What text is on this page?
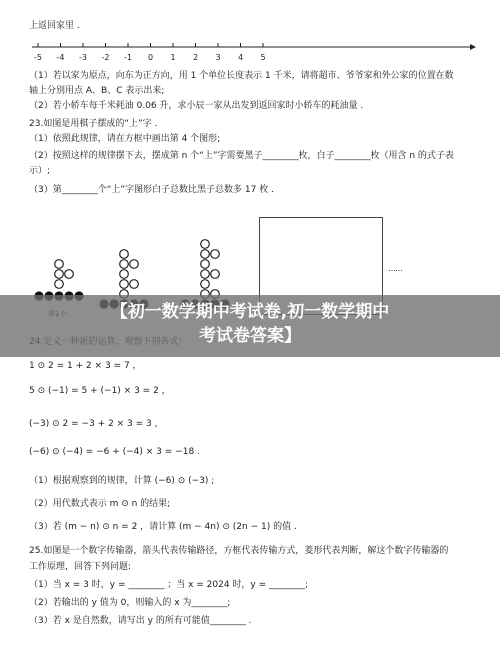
上返回家里 .
-5 -4 -3 -2 -1 0 1 2 3 4 5
（1）若以家为原点，向东为正方向，用 1 个单位长度表示 1 千米，请将超市、爷爷家和外公家的位置在数
轴上分别用点 A、B、C 表示出来;
（2）若小轿车每千米耗油 0.06 升，求小辰一家从出发到返回家时小轿车的耗油量 .
23.如图是用棋子摆成的“上”字 .
（1）依照此规律，请在方框中画出第 4 个图形;
（2）按照这样的规律摆下去，摆成第 n 个“上”字需要黑子________枚，白子________枚（用含 n 的式子表
示）;
（3）第________个“上”字图形白子总数比黑子总数多 17 枚 .
……
1 ⊙ 2 = 1 + 2 × 3 = 7 ，
5 ⊙ (−1) = 5 + (−1) × 3 = 2 ，
(−3) ⊙ 2 = −3 + 2 × 3 = 3 ，
(−6) ⊙ (−4) = −6 + (−4) × 3 = −18 .
（1）根据观察到的规律，计算 (−6) ⊙ (−3) ;
（2）用代数式表示 m ⊙ n 的结果;
（3）若 (m − n) ⊙ n = 2 ，请计算 (m − 4n) ⊙ (2n − 1) 的值 .
25.如图是一个数字传输器，箭头代表传输路径，方框代表传输方式，菱形代表判断，解这个数字传输器的
工作原理，回答下列问题:
（1）当 x = 3 时，y = ________ ；当 x = 2024 时，y = ________;
（2）若输出的 y 值为 0，则输入的 x 为________;
（3）若 x 是自然数，请写出 y 的所有可能值________ .
【初一数学期中考试卷,初一数学期中
考试卷答案】
